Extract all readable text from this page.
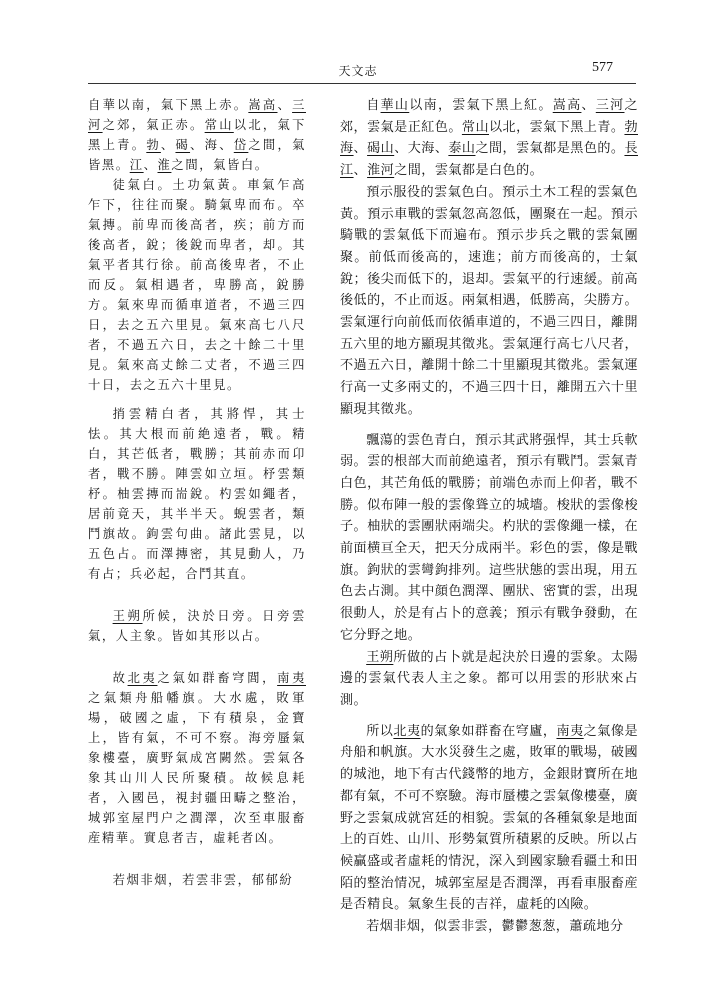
天文志	577

自華以南，氣下黑上赤。嵩高、三河之郊，氣正赤。常山以北，氣下黑上青。勃、碣、海、岱之間，氣皆黑。江、淮之間，氣皆白。

徒氣白。土功氣黃。車氣乍高乍下，往往而聚。騎氣卑而布。卒氣摶。前卑而後高者，疾；前方而後高者，銳；後銳而卑者，却。其氣平者其行徐。前高後卑者，不止而反。氣相遇者，卑勝高，銳勝方。氣來卑而循車道者，不過三四日，去之五六里見。氣來高七八尺者，不過五六日，去之十餘二十里見。氣來高丈餘二丈者，不過三四十日，去之五六十里見。

捎雲精白者，其將悍，其士怯。其大根而前絶遠者，戰。精白，其芒低者，戰勝；其前赤而卬者，戰不勝。陣雲如立垣。杼雲類杼。柚雲摶而耑銳。杓雲如繩者，居前竟天，其半半天。蜺雲者，類鬥旗故。鉤雲句曲。諸此雲見，以五色占。而澤摶密，其見動人，乃有占；兵必起，合鬥其直。

王朔所候，決於日旁。日旁雲氣，人主象。皆如其形以占。

故北夷之氣如群畜穹閭，南夷之氣類舟船幡旗。大水處，敗軍場，破國之虛，下有積泉，金寶上，皆有氣，不可不察。海旁蜃氣象樓臺，廣野氣成宮闕然。雲氣各象其山川人民所聚積。故候息耗者，入國邑，視封疆田疇之整治，城郭室屋門户之潤澤，次至車服畜産精華。實息者吉，虛耗者凶。

若烟非烟，若雲非雲，郁郁紛

自華山以南，雲氣下黑上紅。嵩高、三河之郊，雲氣是正紅色。常山以北，雲氣下黑上青。勃海、碣山、大海、泰山之間，雲氣都是黑色的。長江、淮河之間，雲氣都是白色的。

預示服役的雲氣色白。預示土木工程的雲氣色黃。預示車戰的雲氣忽高忽低，團聚在一起。預示騎戰的雲氣低下而遍布。預示步兵之戰的雲氣團聚。前低而後高的，速進；前方而後高的，士氣銳；後尖而低下的，退却。雲氣平的行速緩。前高後低的，不止而返。兩氣相遇，低勝高，尖勝方。雲氣運行向前低而依循車道的，不過三四日，離開五六里的地方顯現其徵兆。雲氣運行高七八尺者，不過五六日，離開十餘二十里顯現其徵兆。雲氣運行高一丈多兩丈的，不過三四十日，離開五六十里顯現其徵兆。

飄蕩的雲色青白，預示其武將强悍，其士兵軟弱。雲的根部大而前絶遠者，預示有戰鬥。雲氣青白色，其芒角低的戰勝；前端色赤而上仰者，戰不勝。似布陣一般的雲像聳立的城墻。梭狀的雲像梭子。柚狀的雲團狀兩端尖。杓狀的雲像繩一樣，在前面横亘全天，把天分成兩半。彩色的雲，像是戰旗。鉤狀的雲彎鉤排列。這些狀態的雲出現，用五色去占測。其中顔色潤澤、團狀、密實的雲，出現很動人，於是有占卜的意義；預示有戰争發動，在它分野之地。

王朔所做的占卜就是起決於日邊的雲象。太陽邊的雲氣代表人主之象。都可以用雲的形狀來占測。

所以北夷的氣象如群畜在穹廬，南夷之氣像是舟船和帆旗。大水災發生之處，敗軍的戰場，破國的城池，地下有古代錢幣的地方，金銀財寶所在地都有氣，不可不察驗。海市蜃樓之雲氣像樓臺，廣野之雲氣成就宮廷的相貌。雲氣的各種氣象是地面上的百姓、山川、形勢氣質所積累的反映。所以占候贏盛或者虛耗的情況，深入到國家驗看疆土和田陌的整治情况，城郭室屋是否潤澤，再看車服畜産是否精良。氣象生長的吉祥，虛耗的凶險。

若烟非烟，似雲非雲，鬱鬱葱葱，蕭疏地分
